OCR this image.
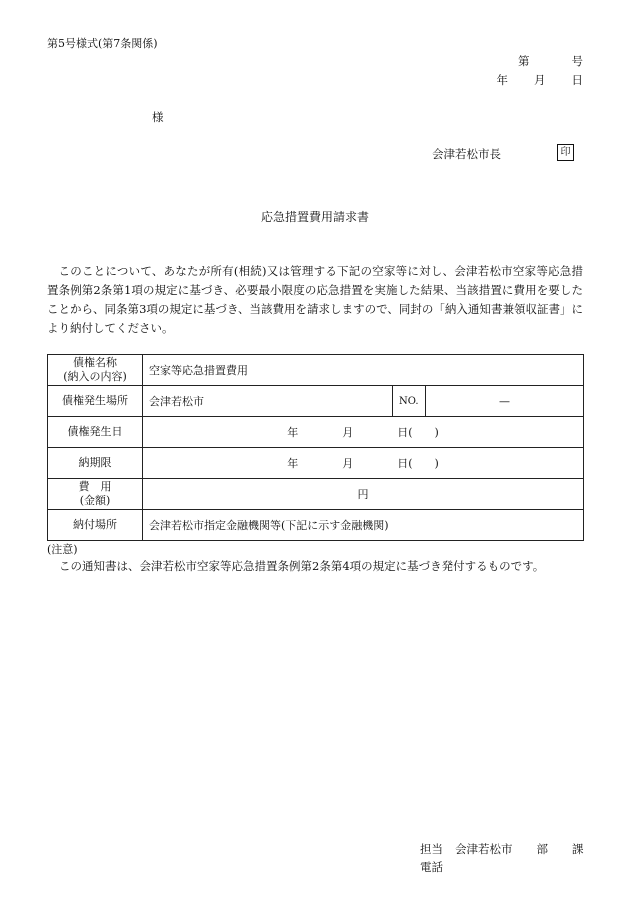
第5号様式(第7条関係)
第	号
年 月 日
様
会津若松市長	印
応急措置費用請求書
このことについて、あなたが所有(相続)又は管理する下記の空家等に対し、会津若松市空家等応急措置条例第2条第1項の規定に基づき、必要最小限度の応急措置を実施した結果、当該措置に費用を要したことから、同条第3項の規定に基づき、当該費用を請求しますので、同封の「納入通知書兼領収証書」により納付してください。
債権名称
(納入の内容)	空家等応急措置費用		
債権発生場所	会津若松市	NO.	—
債権発生日	年 月 日( )		
納期限	年 月 日( )		

費　用
(金額)	円		
納付場所	会津若松市指定金融機関等(下記に示す金融機関)		
(注意)
この通知書は、会津若松市空家等応急措置条例第2条第4項の規定に基づき発付するものです。
担当 会津若松市 部 課
電話
